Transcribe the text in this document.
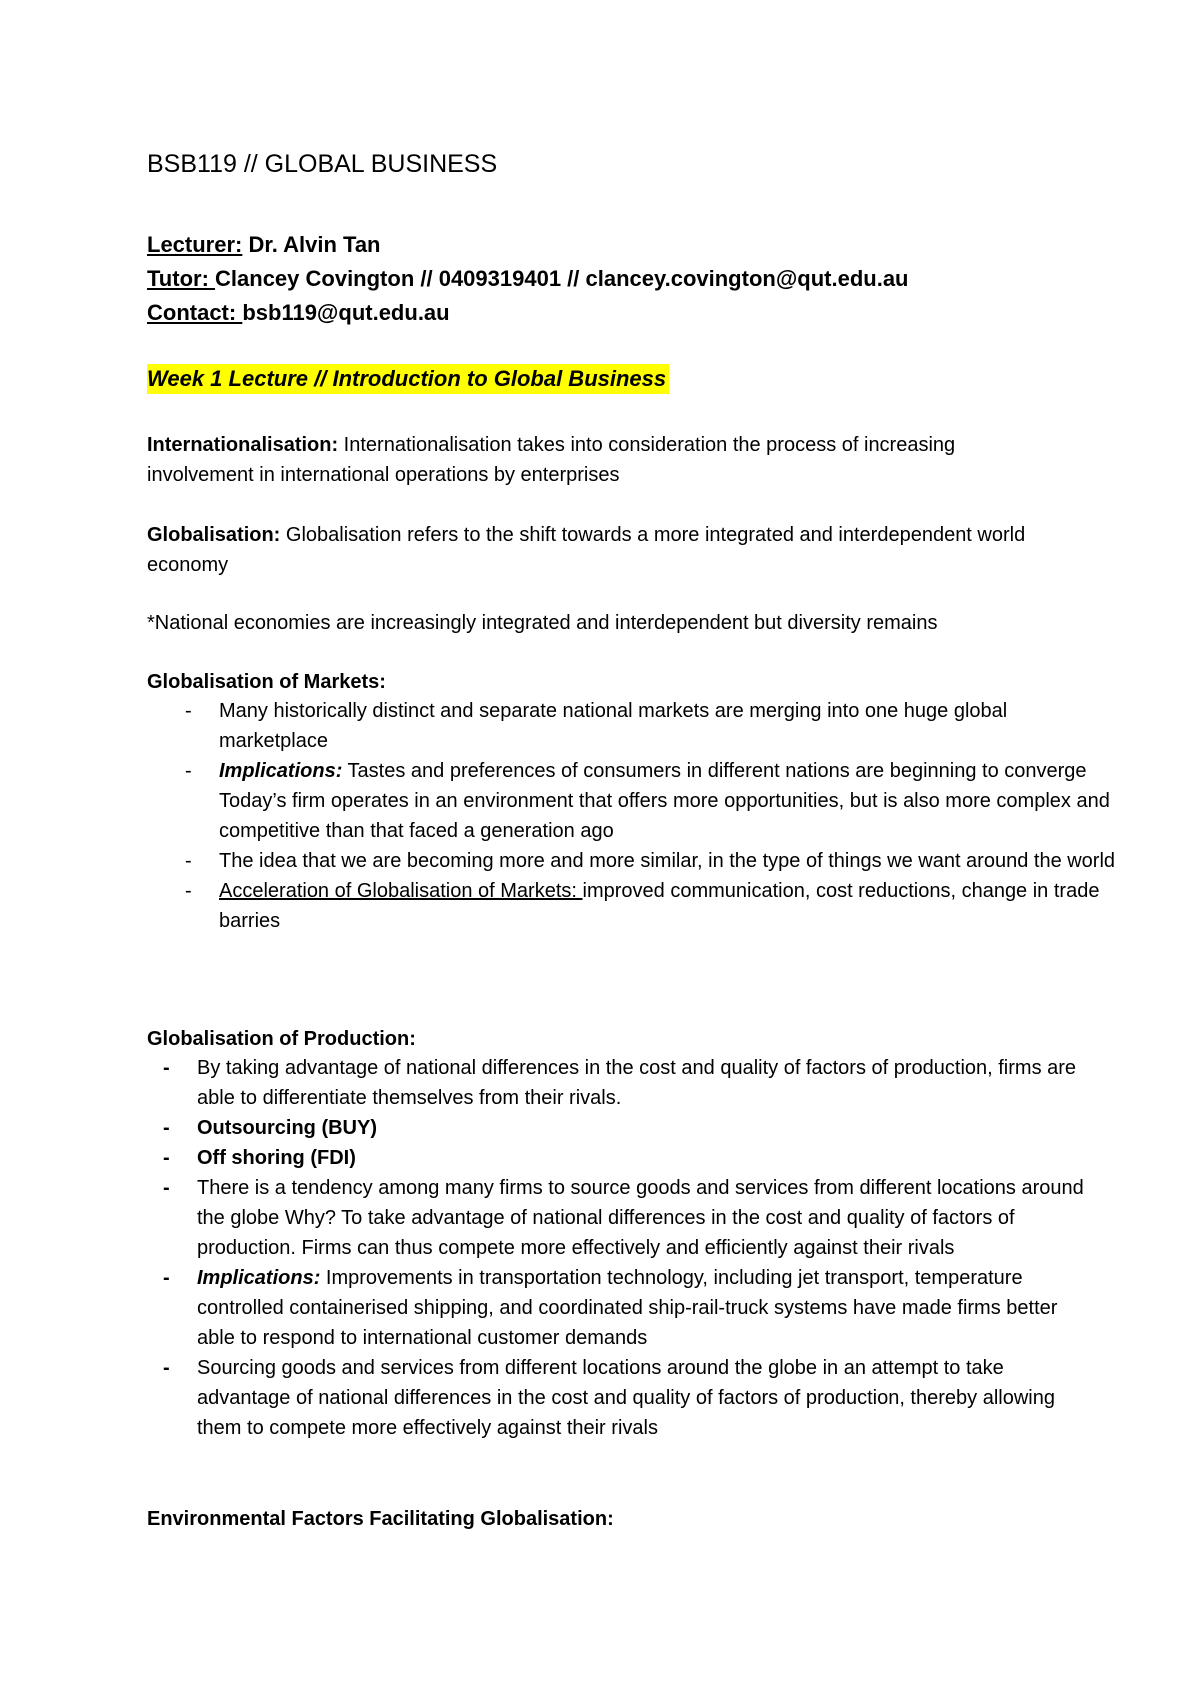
BSB119 // GLOBAL BUSINESS
Lecturer: Dr. Alvin Tan
Tutor: Clancey Covington // 0409319401 // clancey.covington@qut.edu.au
Contact: bsb119@qut.edu.au
Week 1 Lecture // Introduction to Global Business
Internationalisation: Internationalisation takes into consideration the process of increasing involvement in international operations by enterprises
Globalisation: Globalisation refers to the shift towards a more integrated and interdependent world economy
*National economies are increasingly integrated and interdependent but diversity remains
Globalisation of Markets:
- Many historically distinct and separate national markets are merging into one huge global marketplace
- Implications: Tastes and preferences of consumers in different nations are beginning to converge
Today’s firm operates in an environment that offers more opportunities, but is also more complex and competitive than that faced a generation ago
- The idea that we are becoming more and more similar, in the type of things we want around the world
- Acceleration of Globalisation of Markets: improved communication, cost reductions, change in trade barries
Globalisation of Production:
- By taking advantage of national differences in the cost and quality of factors of production, firms are able to differentiate themselves from their rivals.
- Outsourcing (BUY)
- Off shoring (FDI)
- There is a tendency among many firms to source goods and services from different locations around the globe Why? To take advantage of national differences in the cost and quality of factors of production. Firms can thus compete more effectively and efficiently against their rivals
- Implications: Improvements in transportation technology, including jet transport, temperature controlled containerised shipping, and coordinated ship-rail-truck systems have made firms better able to respond to international customer demands
- Sourcing goods and services from different locations around the globe in an attempt to take advantage of national differences in the cost and quality of factors of production, thereby allowing them to compete more effectively against their rivals
Environmental Factors Facilitating Globalisation:
